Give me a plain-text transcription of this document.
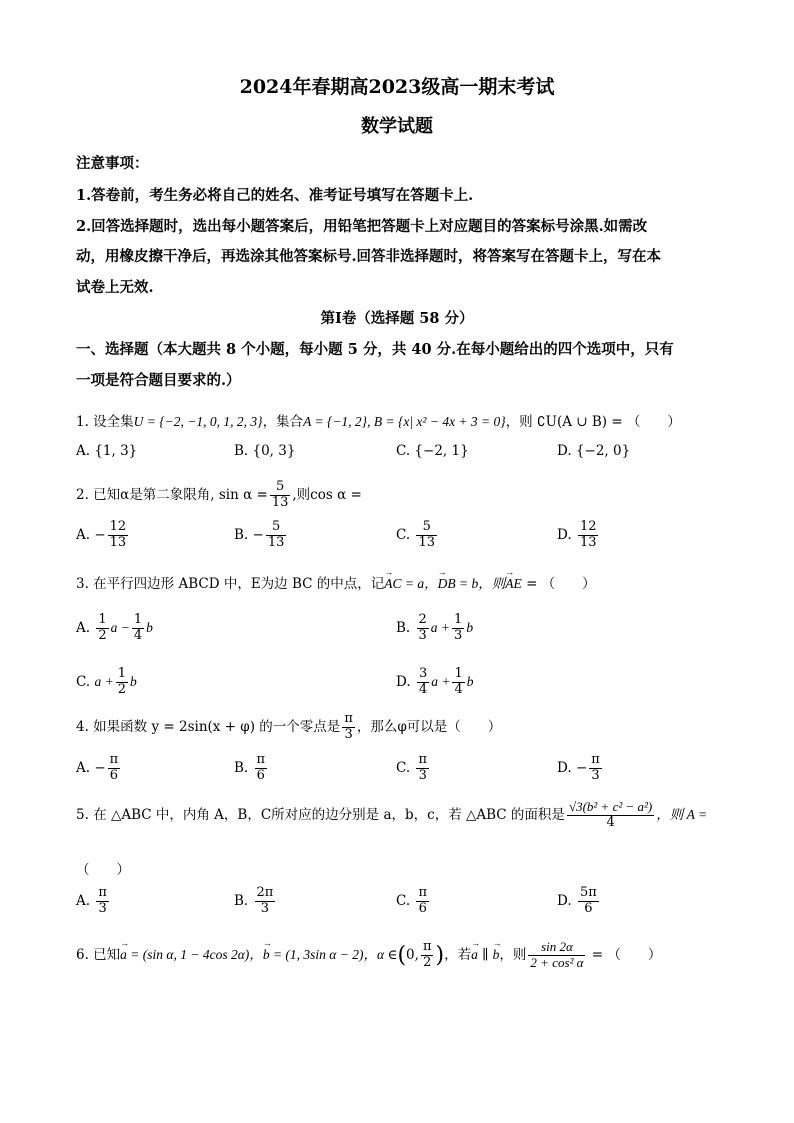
2024年春期高2023级高一期末考试
数学试题
注意事项：
1.答卷前，考生务必将自己的姓名、准考证号填写在答题卡上.
2.回答选择题时，选出每小题答案后，用铅笔把答题卡上对应题目的答案标号涂黑.如需改
动，用橡皮擦干净后，再选涂其他答案标号.回答非选择题时，将答案写在答题卡上，写在本
试卷上无效.
第I卷（选择题 58 分）
一、选择题（本大题共 8 个小题，每小题 5 分，共 40 分.在每小题给出的四个选项中，只有
一项是符合题目要求的.）
1. 设全集U = {−2, −1, 0, 1, 2, 3}，集合A = {−1, 2}, B = {x| x² − 4x + 3 = 0}，则 ∁U(A ∪ B) = （　　）
A. {1, 3}	B. {0, 3}	C. {−2, 1}	D. {−2, 0}
2. 已知α是第二象限角, $\sin \alpha = \frac{5}{13}$ ,则cos α =
A. − $\frac{12}{13}$	B. − $\frac{5}{13}$	C. $\frac{5}{13}$	D. $\frac{12}{13}$
3. 在平行四边形 ABCD 中，E为边 BC 的中点，记→ AC = a，→ DB = b，则→ AE = （　　）
A. $\frac{1}{2}$ $a - \frac{1}{4}$ b	B. $\frac{2}{3}$ $a + \frac{1}{3}$ b
C. $a + \frac{1}{2}$ b	D. $\frac{3}{4}$ $a + \frac{1}{4}$ b
4. 如果函数 y = 2sin(x + φ) 的一个零点是 $\frac{\pi}{3}$ ，那么φ可以是（　　）
A. − $\frac{\pi}{6}$	B. $\frac{\pi}{6}$	C. $\frac{\pi}{3}$	D. − $\frac{\pi}{3}$
5. 在 △ABC 中，内角 A，B，C所对应的边分别是 a，b，c，若 △ABC 的面积是 $\frac{\text{√3(b² + c² − a²)}}{4}$ ，则 A =
（　　）
A. $\frac{\pi}{3}$	B. $\frac{2\pi}{3}$	C. $\frac{\pi}{6}$	D. $\frac{5\pi}{6}$
6. 已知→ a = (sin α, 1 − 4cos 2α)，→ b = (1, 3sin α − 2)，α ∈(0, $\frac{\pi}{2}$ )，若→ a ∥ → b，则 $\frac{\sin 2\alpha}{\text{2 + cos² α}}$ = （　　）
